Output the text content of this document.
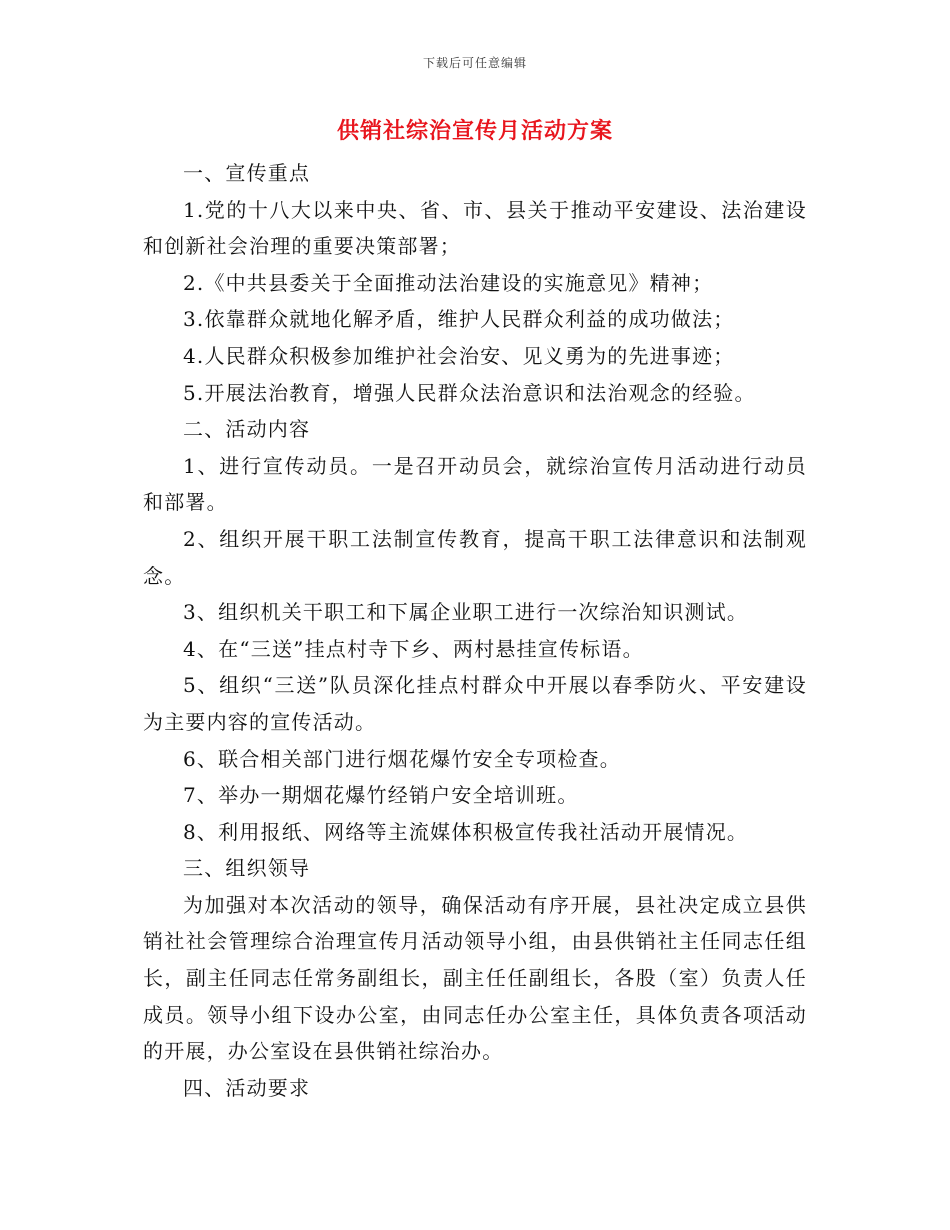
下载后可任意编辑
供销社综治宣传月活动方案

一、宣传重点

1.党的十八大以来中央、省、市、县关于推动平安建设、法治建设和创新社会治理的重要决策部署；

2.《中共县委关于全面推动法治建设的实施意见》精神；

3.依靠群众就地化解矛盾，维护人民群众利益的成功做法；

4.人民群众积极参加维护社会治安、见义勇为的先进事迹；

5.开展法治教育，增强人民群众法治意识和法治观念的经验。

二、活动内容

1、进行宣传动员。一是召开动员会，就综治宣传月活动进行动员和部署。

2、组织开展干职工法制宣传教育，提高干职工法律意识和法制观念。

3、组织机关干职工和下属企业职工进行一次综治知识测试。

4、在“三送”挂点村寺下乡、两村悬挂宣传标语。

5、组织“三送”队员深化挂点村群众中开展以春季防火、平安建设为主要内容的宣传活动。

6、联合相关部门进行烟花爆竹安全专项检查。

7、举办一期烟花爆竹经销户安全培训班。

8、利用报纸、网络等主流媒体积极宣传我社活动开展情况。

三、组织领导

为加强对本次活动的领导，确保活动有序开展，县社决定成立县供销社社会管理综合治理宣传月活动领导小组，由县供销社主任同志任组长，副主任同志任常务副组长，副主任任副组长，各股（室）负责人任成员。领导小组下设办公室，由同志任办公室主任，具体负责各项活动的开展，办公室设在县供销社综治办。

四、活动要求
